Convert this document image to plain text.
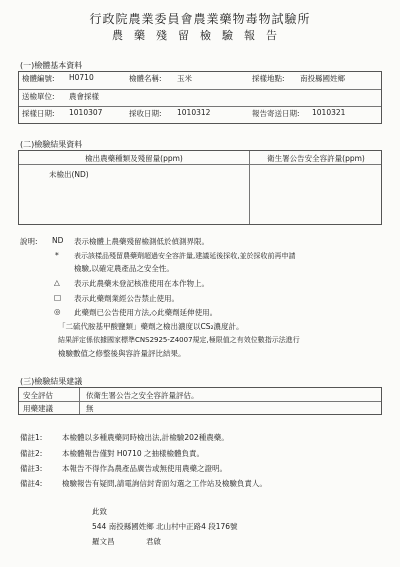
行政院農業委員會農業藥物毒物試驗所
農藥殘留檢驗報告
(一)檢體基本資料
檢體編號: H0710	檢體名稱: 玉米	採樣地點: 南投縣國姓鄉
送檢單位: 農會採樣
採樣日期: 1010307	採收日期: 1010312	報告寄送日期: 1010321
(二)檢驗結果資料
檢出農藥種類及殘留量(ppm)	衛生署公告安全容許量(ppm)
未檢出(ND)
說明: ND 表示檢體上農藥殘留檢測低於偵測界限。
* 表示該樣品殘留農藥劑超過安全容許量,建議延後採收,並於採收前再申請
檢驗,以確定農產品之安全性。
△ 表示此農藥未登記核准使用在本作物上。
□ 表示此藥劑業經公告禁止使用。
◎ 此藥劑已公告使用方法,◇此藥劑延伸使用。
「二硫代胺基甲酸鹽類」藥劑之檢出濃度以CS₂濃度計。
結果評定係依據國家標準CNS2925-Z4007規定,極限值之有效位數指示法進行
檢驗數值之修整後與容許量評比結果。
(三)檢驗結果建議
安全評估	依衛生署公告之安全容許量評估。
用藥建議	無
備註1:	本檢體以多種農藥同時檢出法,計檢驗202種農藥。
備註2:	本檢體報告僅對 H0710 之抽樣檢體負責。
備註3:	本報告不得作為農產品廣告或無使用農藥之證明。
備註4:	檢驗報告有疑問,請電詢信封背面勾選之工作站及檢驗負責人。
此致
544 南投縣國姓鄉 北山村中正路4 段176號
羅文昌	君啟
